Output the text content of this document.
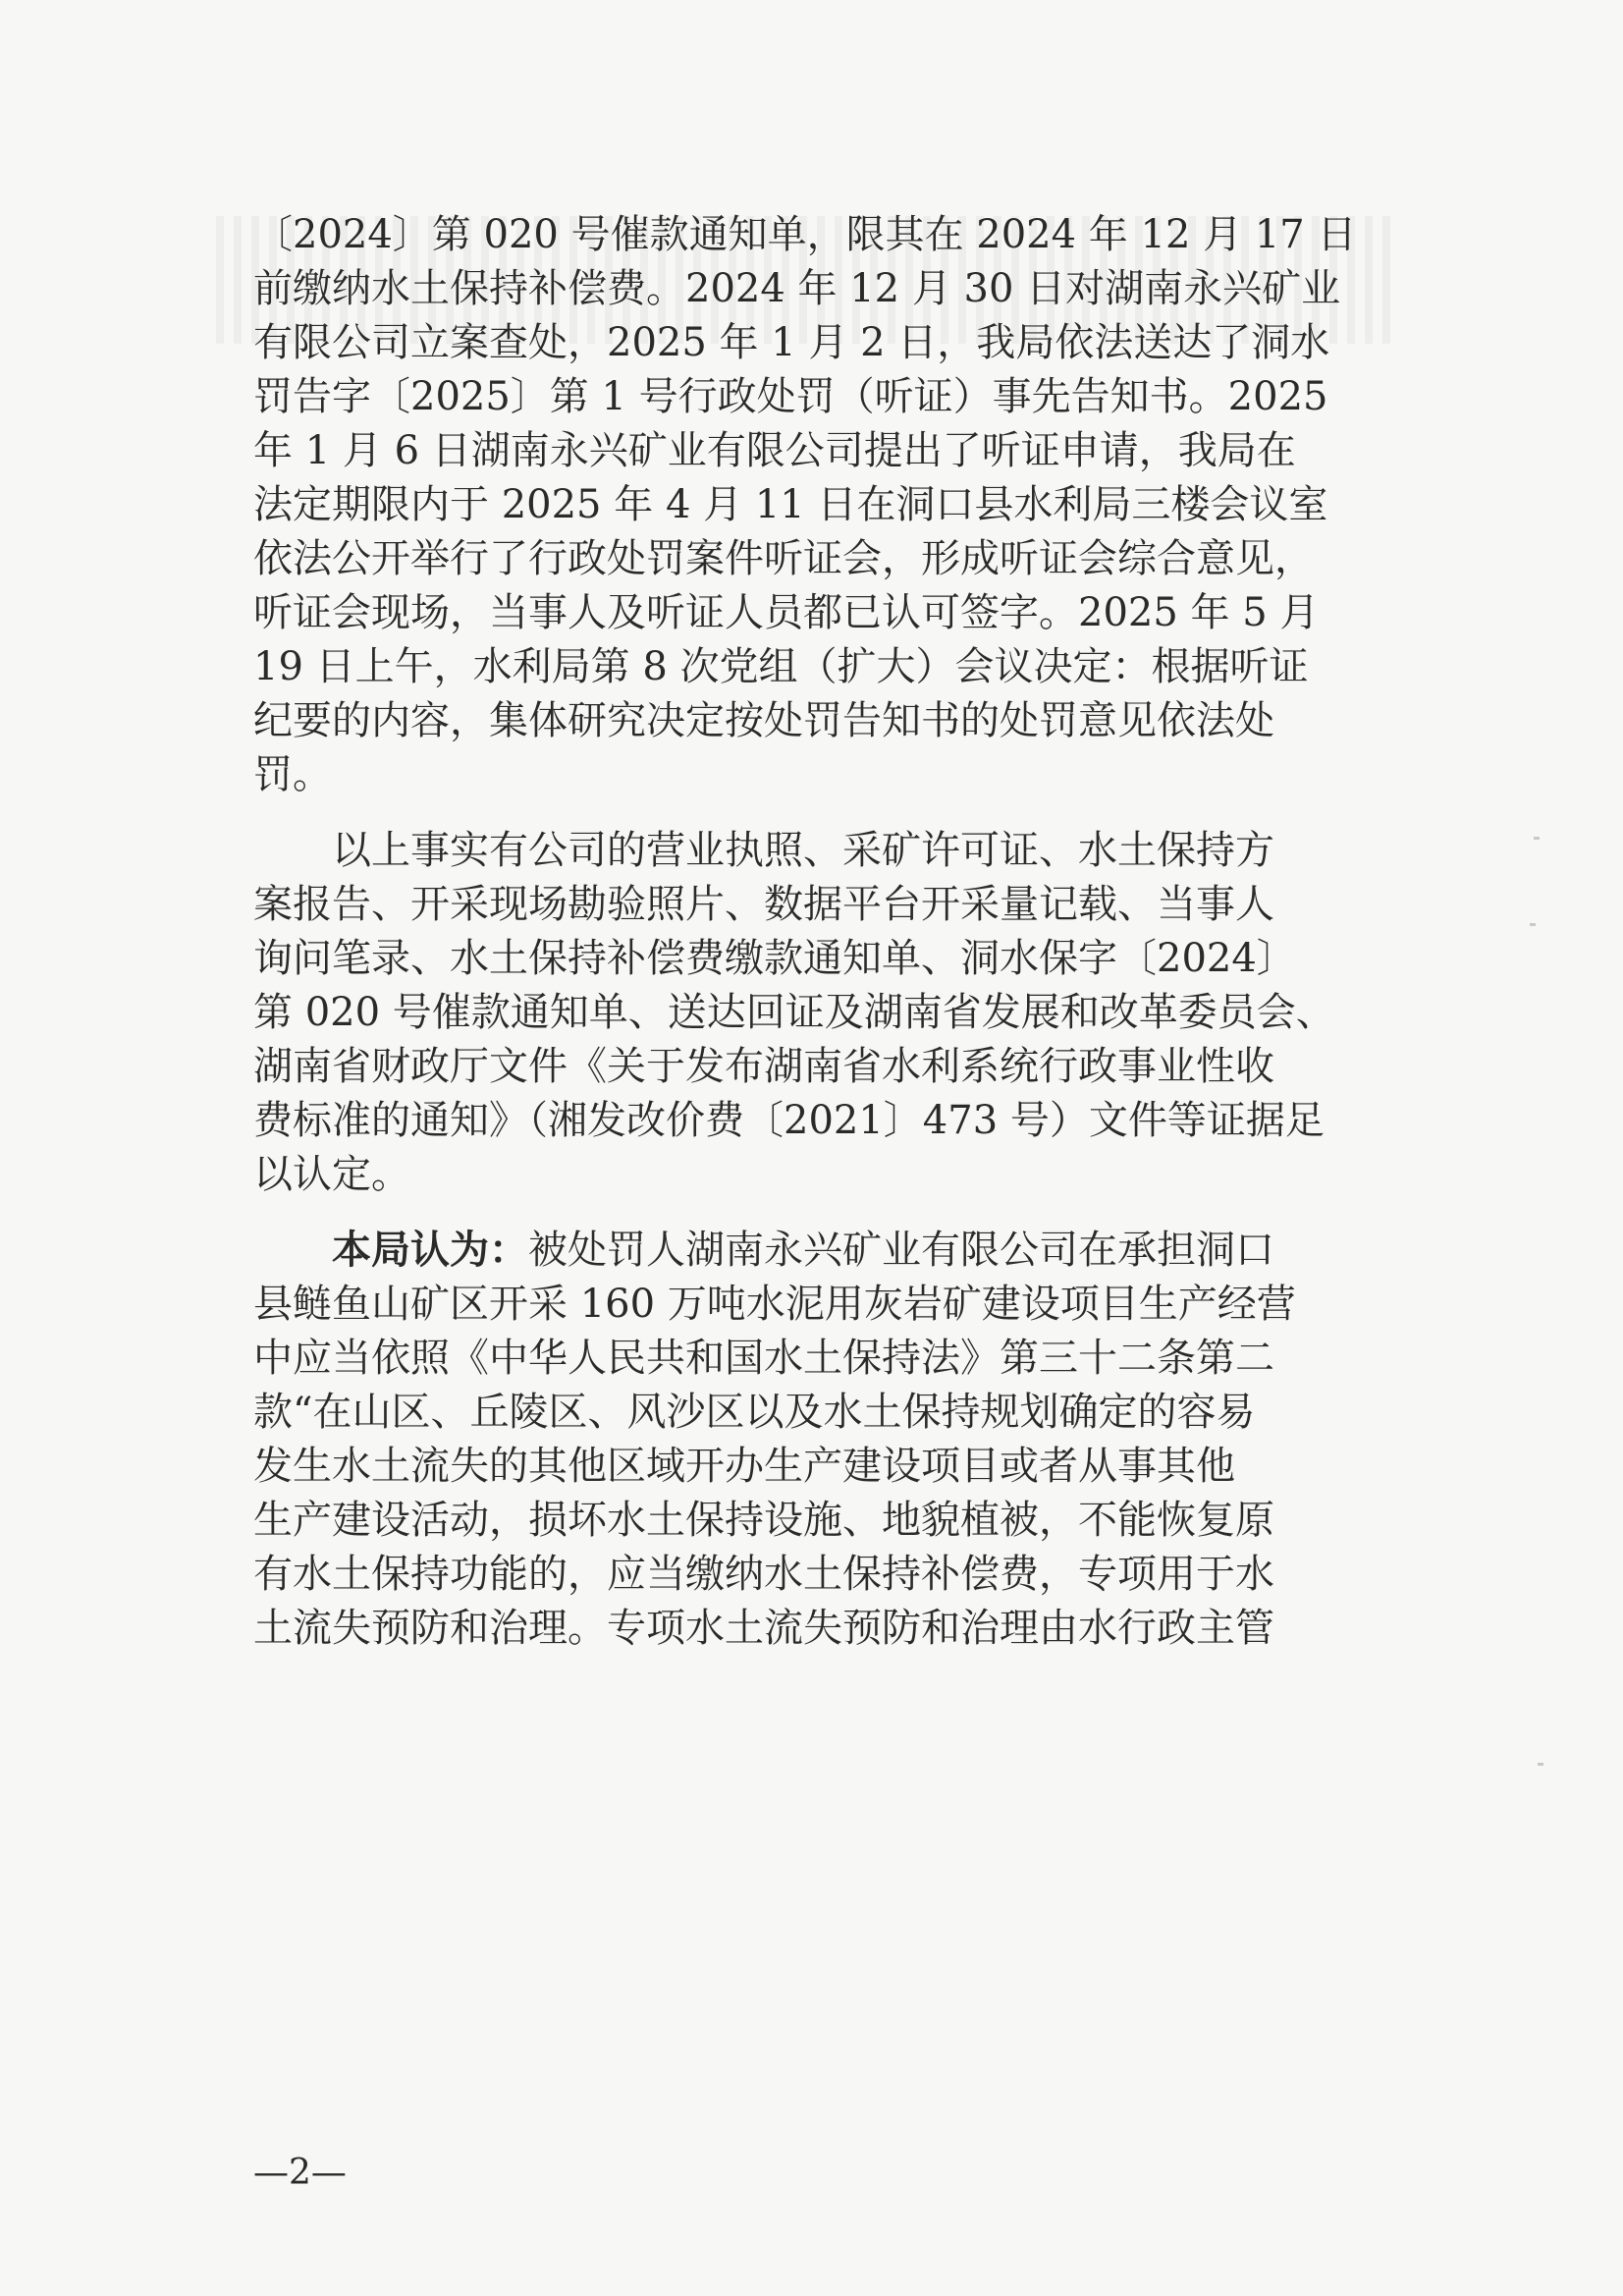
〔2024〕第 020 号催款通知单，限其在 2024 年 12 月 17 日
前缴纳水土保持补偿费。2024 年 12 月 30 日对湖南永兴矿业
有限公司立案查处，2025 年 1 月 2 日，我局依法送达了洞水
罚告字〔2025〕第 1 号行政处罚（听证）事先告知书。2025
年 1 月 6 日湖南永兴矿业有限公司提出了听证申请，我局在
法定期限内于 2025 年 4 月 11 日在洞口县水利局三楼会议室
依法公开举行了行政处罚案件听证会，形成听证会综合意见，
听证会现场，当事人及听证人员都已认可签字。2025 年 5 月
19 日上午，水利局第 8 次党组（扩大）会议决定：根据听证
纪要的内容，集体研究决定按处罚告知书的处罚意见依法处
罚。
以上事实有公司的营业执照、采矿许可证、水土保持方
案报告、开采现场勘验照片、数据平台开采量记载、当事人
询问笔录、水土保持补偿费缴款通知单、洞水保字〔2024〕
第 020 号催款通知单、送达回证及湖南省发展和改革委员会、
湖南省财政厅文件《关于发布湖南省水利系统行政事业性收
费标准的通知》（湘发改价费〔2021〕473 号）文件等证据足
以认定。
本局认为：被处罚人湖南永兴矿业有限公司在承担洞口
县鲢鱼山矿区开采 160 万吨水泥用灰岩矿建设项目生产经营
中应当依照《中华人民共和国水土保持法》第三十二条第二
款“在山区、丘陵区、风沙区以及水土保持规划确定的容易
发生水土流失的其他区域开办生产建设项目或者从事其他
生产建设活动，损坏水土保持设施、地貌植被，不能恢复原
有水土保持功能的，应当缴纳水土保持补偿费，专项用于水
土流失预防和治理。专项水土流失预防和治理由水行政主管
—2—
